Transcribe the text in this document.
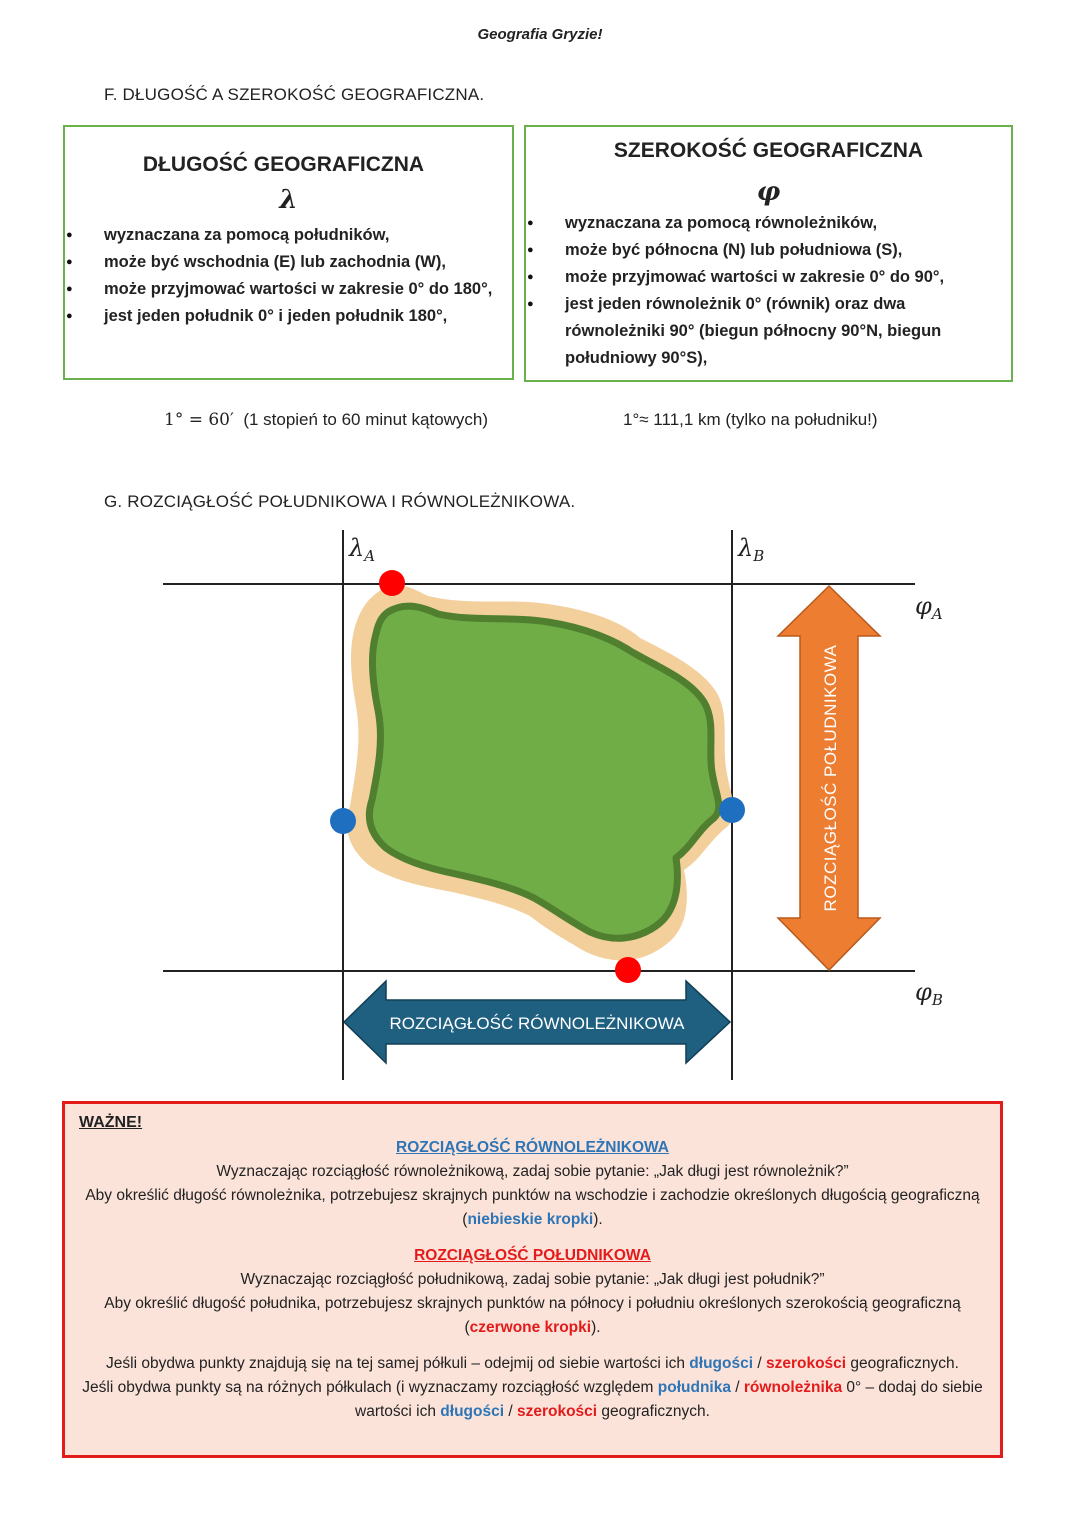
Geografia Gryzie!
F. DŁUGOŚĆ A SZEROKOŚĆ GEOGRAFICZNA.
DŁUGOŚĆ GEOGRAFICZNA
λ
● wyznaczana za pomocą południków,
● może być wschodnia (E) lub zachodnia (W),
● może przyjmować wartości w zakresie 0° do 180°,
● jest jeden południk 0° i jeden południk 180°,
SZEROKOŚĆ GEOGRAFICZNA
φ
● wyznaczana za pomocą równoleżników,
● może być północna (N) lub południowa (S),
● może przyjmować wartości w zakresie 0° do 90°,
● jest jeden równoleżnik 0° (równik) oraz dwa równoleżniki 90° (biegun północny 90°N, biegun południowy 90°S),
1° = 60′ (1 stopień to 60 minut kątowych)	1°≈ 111,1 km (tylko na południku!)
G. ROZCIĄGŁOŚĆ POŁUDNIKOWA I RÓWNOLEŻNIKOWA.
ROZCIĄGŁOŚĆ POŁUDNIKOWA
ROZCIĄGŁOŚĆ RÓWNOLEŻNIKOWA
$\lambda_A$	$\lambda_B$
$\varphi_A$
$\varphi_B$
WAŻNE!
ROZCIĄGŁOŚĆ RÓWNOLEŻNIKOWA
Wyznaczając rozciągłość równoleżnikową, zadaj sobie pytanie: „Jak długi jest równoleżnik?”
Aby określić długość równoleżnika, potrzebujesz skrajnych punktów na wschodzie i zachodzie określonych długością geograficzną (niebieskie kropki).
ROZCIĄGŁOŚĆ POŁUDNIKOWA
Wyznaczając rozciągłość południkową, zadaj sobie pytanie: „Jak długi jest południk?”
Aby określić długość południka, potrzebujesz skrajnych punktów na północy i południu określonych szerokością geograficzną (czerwone kropki).
Jeśli obydwa punkty znajdują się na tej samej półkuli – odejmij od siebie wartości ich długości / szerokości geograficznych.
Jeśli obydwa punkty są na różnych półkulach (i wyznaczamy rozciągłość względem południka / równoleżnika 0° – dodaj do siebie wartości ich długości / szerokości geograficznych.
